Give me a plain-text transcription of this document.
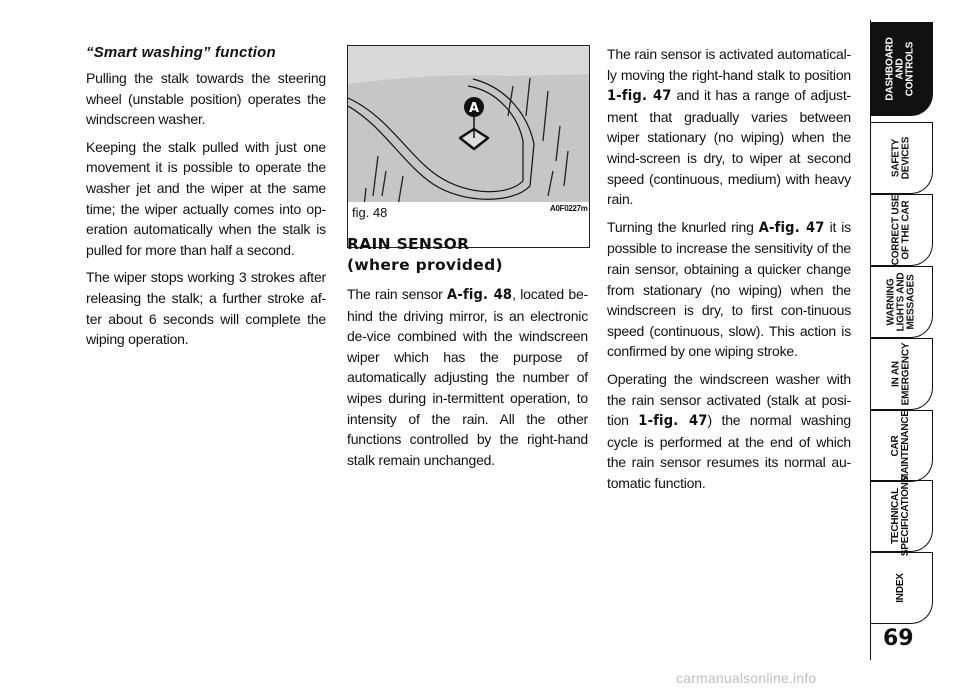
“Smart washing” function

Pulling the stalk towards the steering wheel (unstable position) operates the windscreen washer.

Keeping the stalk pulled with just one movement it is possible to operate the washer jet and the wiper at the same time; the wiper actually comes into op-eration automatically when the stalk is pulled for more than half a second.

The wiper stops working 3 strokes after releasing the stalk; a further stroke af-ter about 6 seconds will complete the wiping operation.

A
fig. 48	A0F0227m
RAIN SENSOR
(where provided)

The rain sensor A-fig. 48, located be-hind the driving mirror, is an electronic de-vice combined with the windscreen wiper which has the purpose of automatically adjusting the number of wipes during in-termittent operation, to intensity of the rain. All the other functions controlled by the right-hand stalk remain unchanged.

The rain sensor is activated automatical-ly moving the right-hand stalk to position 1-fig. 47 and it has a range of adjust-ment that gradually varies between wiper stationary (no wiping) when the wind-screen is dry, to wiper at second speed (continuous, medium) with heavy rain.

Turning the knurled ring A-fig. 47 it is possible to increase the sensitivity of the rain sensor, obtaining a quicker change from stationary (no wiping) when the windscreen is dry, to first con-tinuous speed (continuous, slow). This action is confirmed by one wiping stroke.

Operating the windscreen washer with the rain sensor activated (stalk at posi-tion 1-fig. 47) the normal washing cycle is performed at the end of which the rain sensor resumes its normal au-tomatic function.

DASHBOARD
AND
CONTROLS
SAFETY
DEVICES
CORRECT USE
OF THE CAR
WARNING
LIGHTS AND
MESSAGES
IN AN
EMERGENCY
CAR
MAINTENANCE
TECHNICAL
SPECIFICATIONS
INDEX
69
carmanualsonline.info
